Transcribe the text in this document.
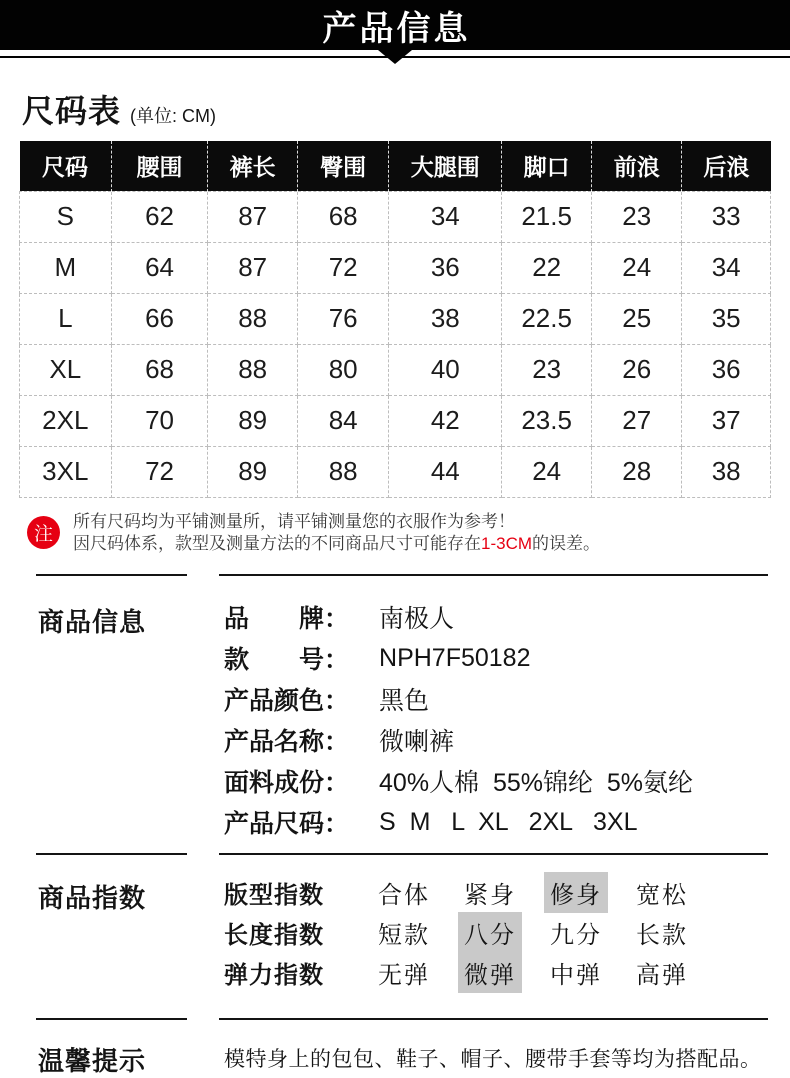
产品信息
尺码表 (单位: CM)
尺码	腰围	裤长	臀围	大腿围	脚口	前浪	后浪
S	62	87	68	34	21.5	23	33
M	64	87	72	36	22	24	34
L	66	88	76	38	22.5	25	35
XL	68	88	80	40	23	26	36
2XL	70	89	84	42	23.5	27	37
3XL	72	89	88	44	24	28	38
注
所有尺码均为平铺测量所，请平铺测量您的衣服作为参考！
因尺码体系，款型及测量方法的不同商品尺寸可能存在1-3CM的误差。
商品信息	品牌 ： 南极人
款号 ： NPH7F50182
产品颜色 ： 黑色
产品名称 ： 微喇裤
面料成份 ： 40%人棉  55%锦纶  5%氨纶
产品尺码 ： S  M   L  XL   2XL   3XL
商品指数	版型指数	合体 紧身 修身 宽松
长度指数	短款 八分 九分 长款
弹力指数	无弹 微弹 中弹 高弹
温馨提示	模特身上的包包、鞋子、帽子、腰带手套等均为搭配品。
